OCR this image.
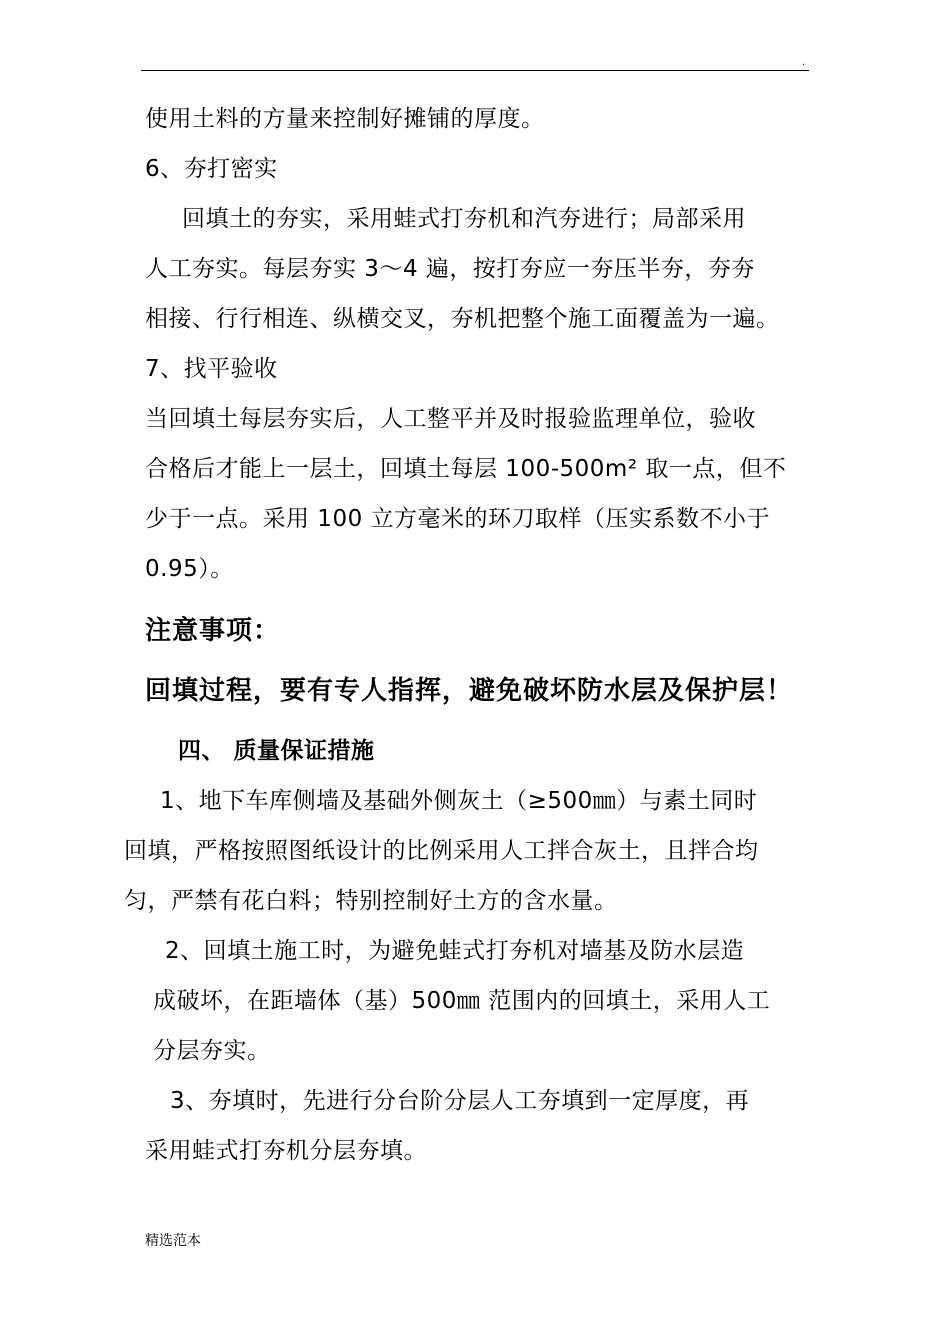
.
使用土料的方量来控制好摊铺的厚度。
6、夯打密实
回填土的夯实，采用蛙式打夯机和汽夯进行；局部采用
人工夯实。每层夯实 3～4 遍，按打夯应一夯压半夯，夯夯
相接、行行相连、纵横交叉，夯机把整个施工面覆盖为一遍。
7、找平验收
当回填土每层夯实后，人工整平并及时报验监理单位，验收
合格后才能上一层土，回填土每层 100-500m² 取一点，但不
少于一点。采用 100 立方毫米的环刀取样（压实系数不小于
0.95）。
注意事项：
回填过程，要有专人指挥，避免破坏防水层及保护层！
四、 质量保证措施
1、地下车库侧墙及基础外侧灰土（≥500㎜）与素土同时
回填，严格按照图纸设计的比例采用人工拌合灰土，且拌合均
匀，严禁有花白料；特别控制好土方的含水量。
2、回填土施工时，为避免蛙式打夯机对墙基及防水层造
成破坏，在距墙体（基）500㎜ 范围内的回填土，采用人工
分层夯实。
3、夯填时，先进行分台阶分层人工夯填到一定厚度，再
采用蛙式打夯机分层夯填。
精选范本
